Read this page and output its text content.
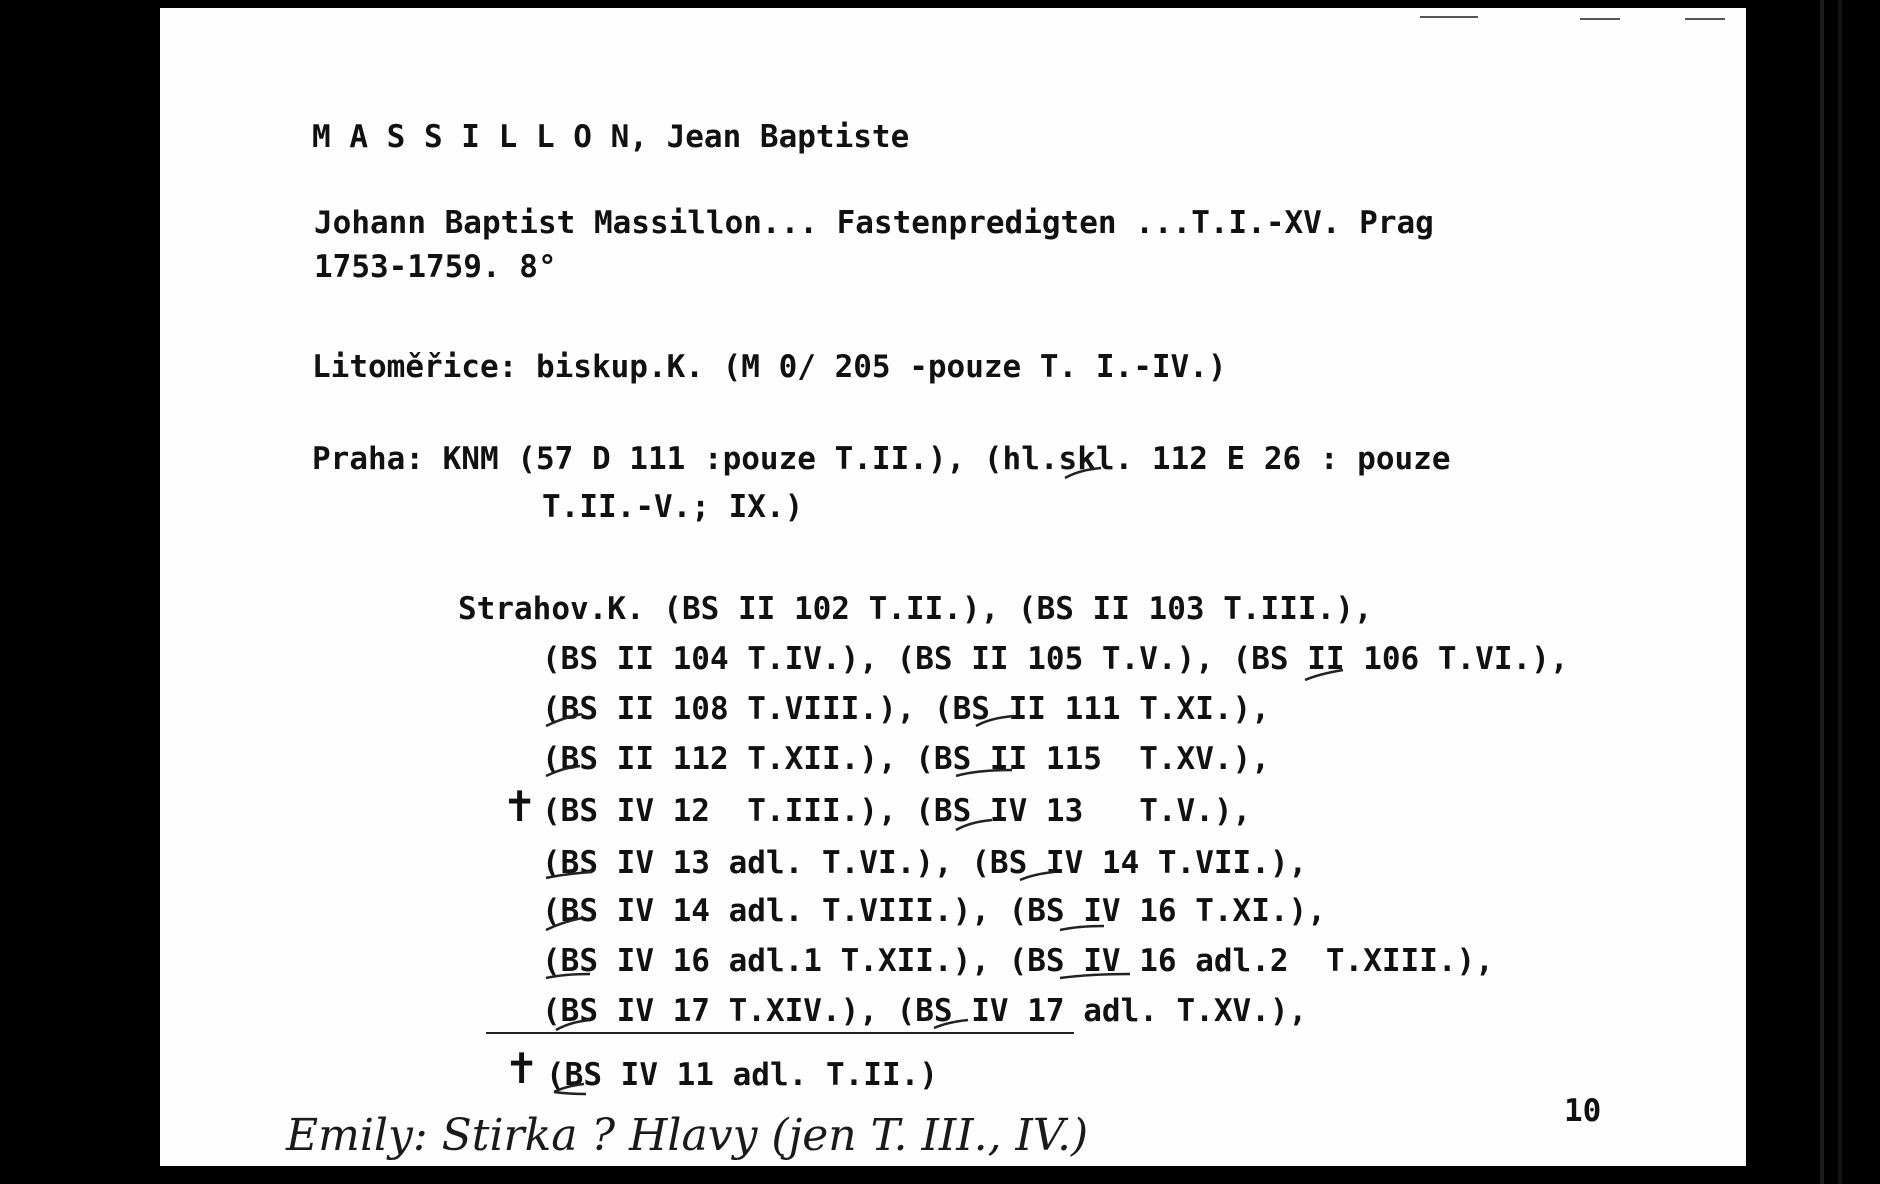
M A S S I L L O N, Jean Baptiste
Johann Baptist Massillon... Fastenpredigten ...T.I.-XV. Prag
1753-1759. 8°
Litoměřice: biskup.K. (M 0/ 205 -pouze T. I.-IV.)
Praha: KNM (57 D 111 :pouze T.II.), (hl.skl. 112 E 26 : pouze
T.II.-V.; IX.)
Strahov.K. (BS II 102 T.II.), (BS II 103 T.III.),
(BS II 104 T.IV.), (BS II 105 T.V.), (BS II 106 T.VI.),
(BS II 108 T.VIII.), (BS II 111 T.XI.),
(BS II 112 T.XII.), (BS II 115  T.XV.),
✝ (BS IV 12  T.III.), (BS IV 13   T.V.),
(BS IV 13 adl. T.VI.), (BS IV 14 T.VII.),
(BS IV 14 adl. T.VIII.), (BS IV 16 T.XI.),
(BS IV 16 adl.1 T.XII.), (BS IV 16 adl.2  T.XIII.),
(BS IV 17 T.XIV.), (BS IV 17 adl. T.XV.),
✝ (BS IV 11 adl. T.II.)
10
Emily: Stirka ? Hlavy (jen T. III., IV.)
